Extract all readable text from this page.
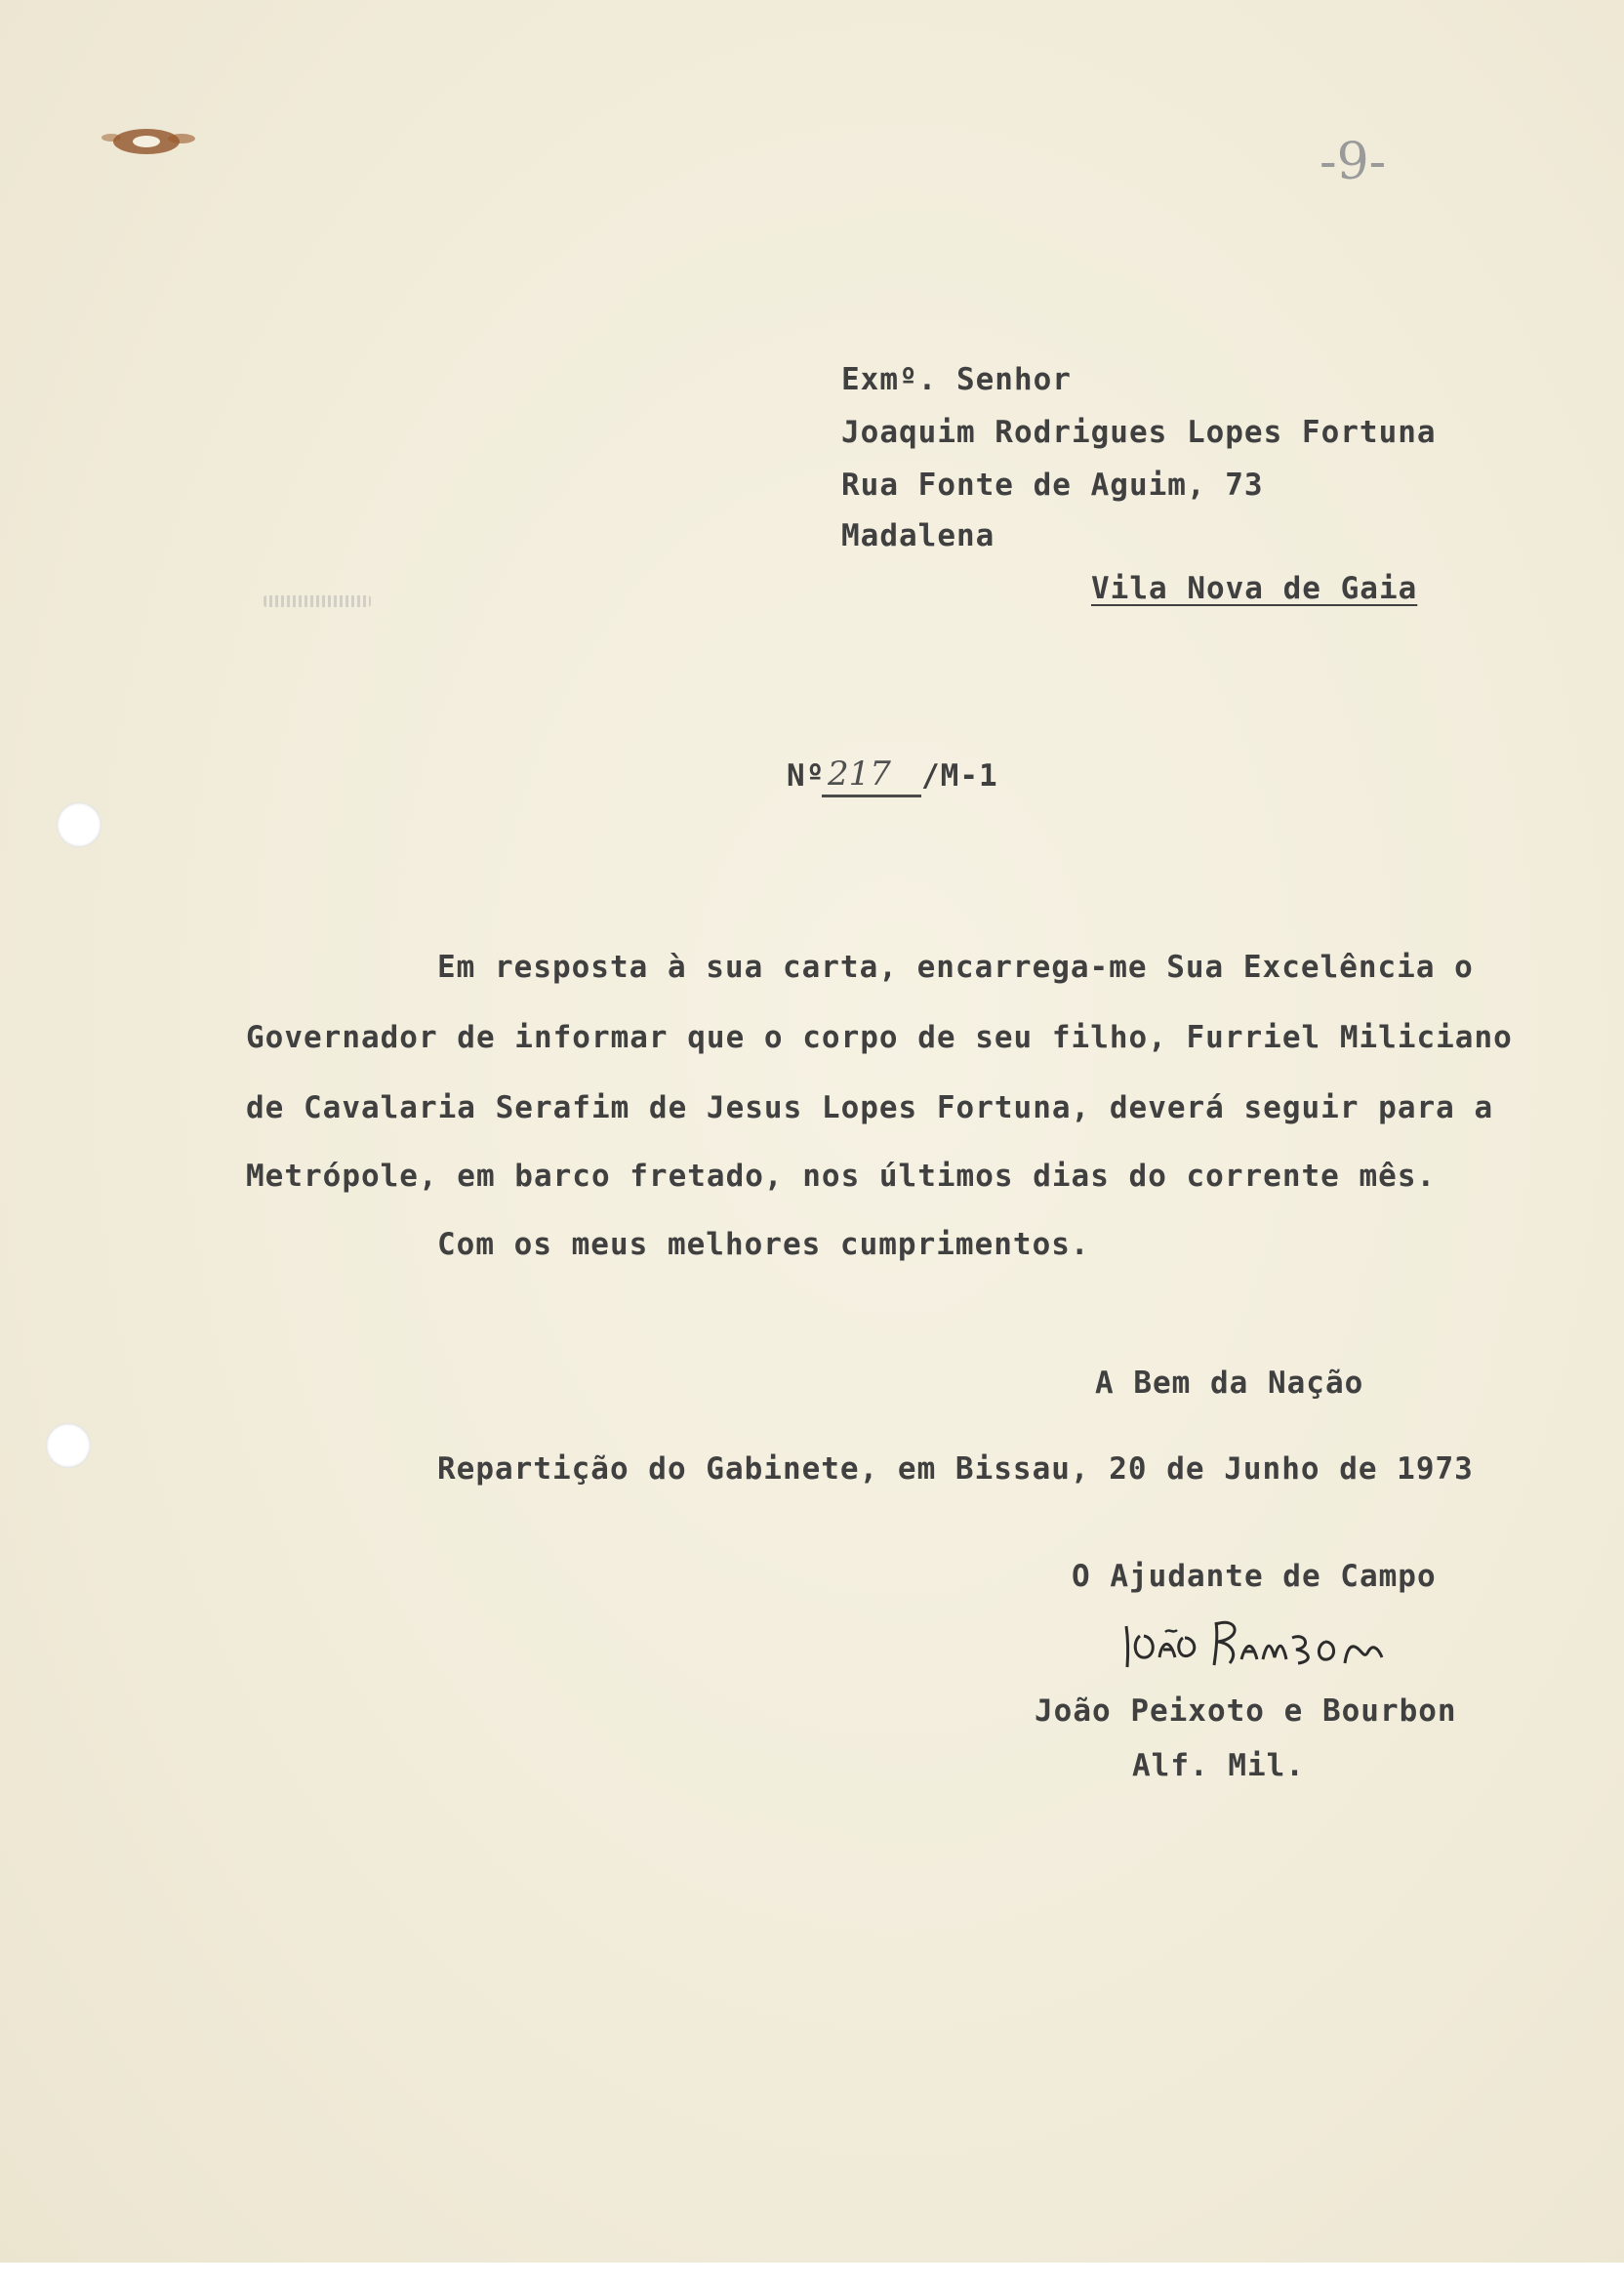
-9-
Exmº. Senhor
Joaquim Rodrigues Lopes Fortuna
Rua Fonte de Aguim, 73
Madalena
Vila Nova de Gaia
Nº 217 /M-1
Em resposta à sua carta, encarrega-me Sua Excelência o
Governador de informar que o corpo de seu filho, Furriel Miliciano
de Cavalaria Serafim de Jesus Lopes Fortuna, deverá seguir para a
Metrópole, em barco fretado, nos últimos dias do corrente mês.
Com os meus melhores cumprimentos.
A Bem da Nação
Repartição do Gabinete, em Bissau, 20 de Junho de 1973
O Ajudante de Campo
João Peixoto e Bourbon
Alf. Mil.
